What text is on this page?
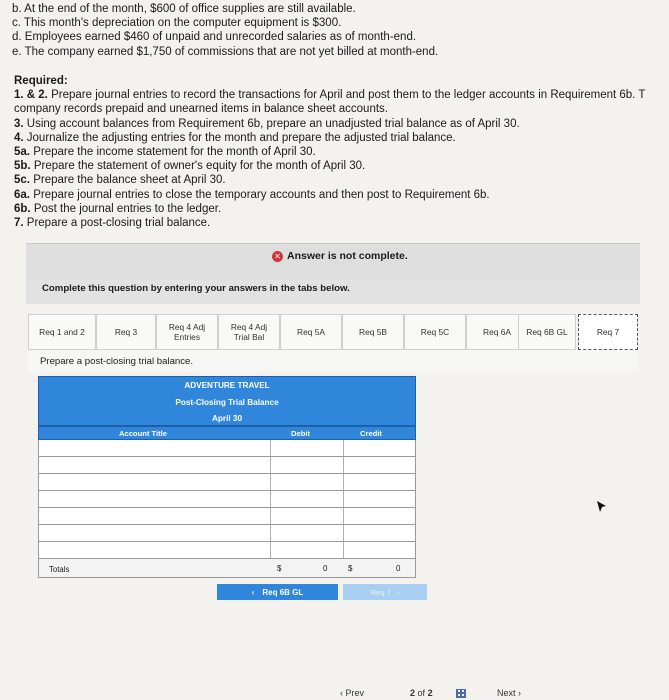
b. At the end of the month, $600 of office supplies are still available.
c. This month's depreciation on the computer equipment is $300.
d. Employees earned $460 of unpaid and unrecorded salaries as of month-end.
e. The company earned $1,750 of commissions that are not yet billed at month-end.
Required:
1. & 2. Prepare journal entries to record the transactions for April and post them to the ledger accounts in Requirement 6b. T
company records prepaid and unearned items in balance sheet accounts.
3. Using account balances from Requirement 6b, prepare an unadjusted trial balance as of April 30.
4. Journalize the adjusting entries for the month and prepare the adjusted trial balance.
5a. Prepare the income statement for the month of April 30.
5b. Prepare the statement of owner's equity for the month of April 30.
5c. Prepare the balance sheet at April 30.
6a. Prepare journal entries to close the temporary accounts and then post to Requirement 6b.
6b. Post the journal entries to the ledger.
7. Prepare a post-closing trial balance.
✕ Answer is not complete.
Complete this question by entering your answers in the tabs below.
Req 1 and 2	Req 3	Req 4 Adj
Entries
Req 4 Adj
Trial Bal	Req 5A	Req 5B	Req 5C	Req 6A	Req 6B GL	Req 7
Prepare a post-closing trial balance.
ADVENTURE TRAVEL
Post-Closing Trial Balance
April 30
Account Title	Debit	Credit
Totals	$	0	$	0
‹ Req 6B GL	Req 7 ›
‹ Prev	2 of 2	Next ›
